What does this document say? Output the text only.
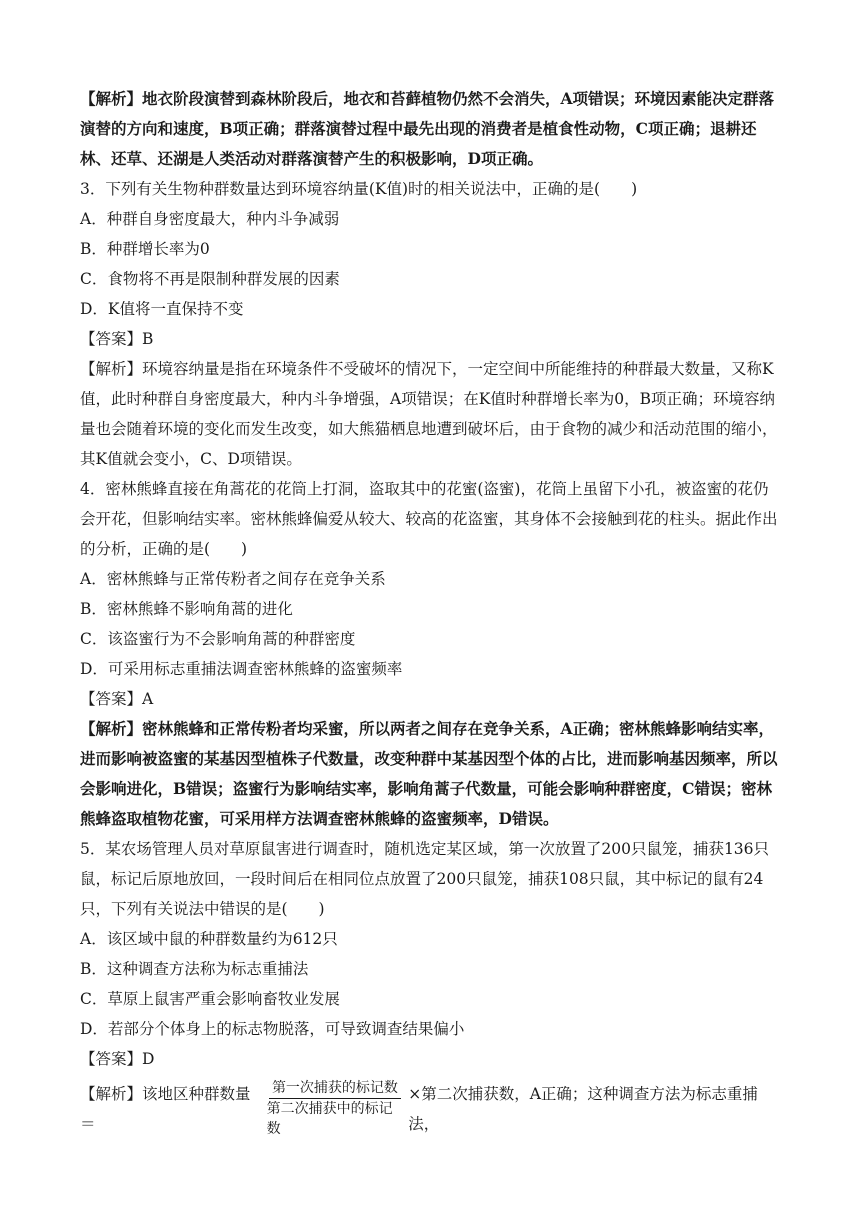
【解析】地衣阶段演替到森林阶段后，地衣和苔藓植物仍然不会消失，A项错误；环境因素能决定群落演替的方向和速度，B项正确；群落演替过程中最先出现的消费者是植食性动物，C项正确；退耕还林、还草、还湖是人类活动对群落演替产生的积极影响，D项正确。

3．下列有关生物种群数量达到环境容纳量(K值)时的相关说法中，正确的是(　　)

A．种群自身密度最大，种内斗争减弱

B．种群增长率为0

C．食物将不再是限制种群发展的因素

D．K值将一直保持不变

【答案】B

【解析】环境容纳量是指在环境条件不受破坏的情况下，一定空间中所能维持的种群最大数量，又称K值，此时种群自身密度最大，种内斗争增强，A项错误；在K值时种群增长率为0，B项正确；环境容纳量也会随着环境的变化而发生改变，如大熊猫栖息地遭到破坏后，由于食物的减少和活动范围的缩小，其K值就会变小，C、D项错误。

4．密林熊蜂直接在角蒿花的花筒上打洞，盗取其中的花蜜(盗蜜)，花筒上虽留下小孔，被盗蜜的花仍会开花，但影响结实率。密林熊蜂偏爱从较大、较高的花盗蜜，其身体不会接触到花的柱头。据此作出的分析，正确的是(　　)

A．密林熊蜂与正常传粉者之间存在竞争关系

B．密林熊蜂不影响角蒿的进化

C．该盗蜜行为不会影响角蒿的种群密度

D．可采用标志重捕法调查密林熊蜂的盗蜜频率

【答案】A

【解析】密林熊蜂和正常传粉者均采蜜，所以两者之间存在竞争关系，A正确；密林熊蜂影响结实率，进而影响被盗蜜的某基因型植株子代数量，改变种群中某基因型个体的占比，进而影响基因频率，所以会影响进化，B错误；盗蜜行为影响结实率，影响角蒿子代数量，可能会影响种群密度，C错误；密林熊蜂盗取植物花蜜，可采用样方法调查密林熊蜂的盗蜜频率，D错误。

5．某农场管理人员对草原鼠害进行调查时，随机选定某区域，第一次放置了200只鼠笼，捕获136只鼠，标记后原地放回，一段时间后在相同位点放置了200只鼠笼，捕获108只鼠，其中标记的鼠有24只，下列有关说法中错误的是(　　)

A．该区域中鼠的种群数量约为612只

B．这种调查方法称为标志重捕法

C．草原上鼠害严重会影响畜牧业发展

D．若部分个体身上的标志物脱落，可导致调查结果偏小

【答案】D

【解析】该地区种群数量＝	$\frac{\text{第一次捕获的标记数}}{\text{第二次捕获中的标记数}}$ ×第二次捕获数，A正确；这种调查方法为标志重捕法，
